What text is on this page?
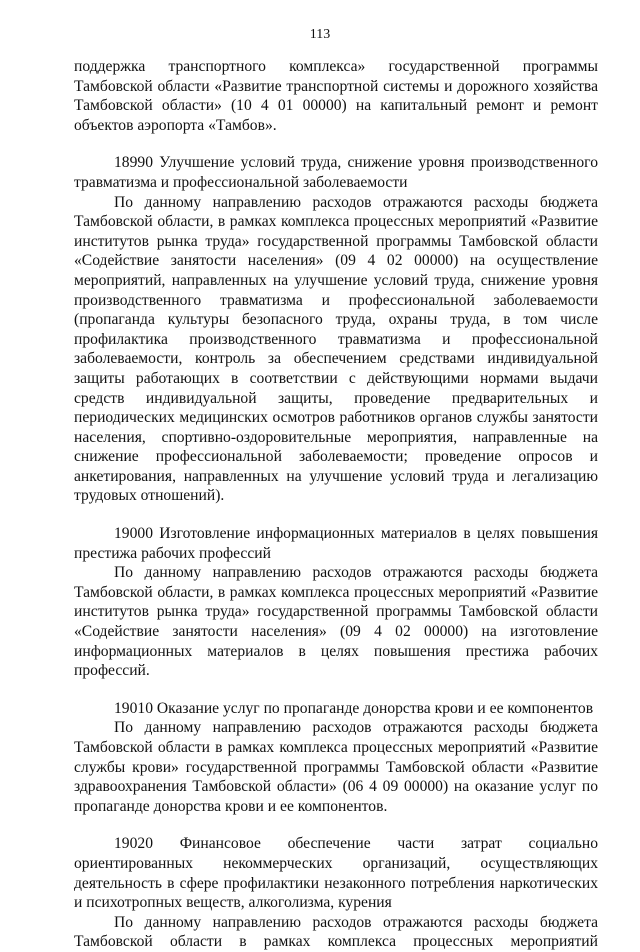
113

поддержка транспортного комплекса» государственной программы Тамбовской области «Развитие транспортной системы и дорожного хозяйства Тамбовской области» (10 4 01 00000) на капитальный ремонт и ремонт объектов аэропорта «Тамбов».

18990 Улучшение условий труда, снижение уровня производственного травматизма и профессиональной заболеваемости

По данному направлению расходов отражаются расходы бюджета Тамбовской области, в рамках комплекса процессных мероприятий «Развитие институтов рынка труда» государственной программы Тамбовской области «Содействие занятости населения» (09 4 02 00000) на осуществление мероприятий, направленных на улучшение условий труда, снижение уровня производственного травматизма и профессиональной заболеваемости (пропаганда культуры безопасного труда, охраны труда, в том числе профилактика производственного травматизма и профессиональной заболеваемости, контроль за обеспечением средствами индивидуальной защиты работающих в соответствии с действующими нормами выдачи средств индивидуальной защиты, проведение предварительных и периодических медицинских осмотров работников органов службы занятости населения, спортивно-оздоровительные мероприятия, направленные на снижение профессиональной заболеваемости; проведение опросов и анкетирования, направленных на улучшение условий труда и легализацию трудовых отношений).

19000 Изготовление информационных материалов в целях повышения престижа рабочих профессий

По данному направлению расходов отражаются расходы бюджета Тамбовской области, в рамках комплекса процессных мероприятий «Развитие институтов рынка труда» государственной программы Тамбовской области «Содействие занятости населения» (09 4 02 00000) на изготовление информационных материалов в целях повышения престижа рабочих профессий.

19010 Оказание услуг по пропаганде донорства крови и ее компонентов

По данному направлению расходов отражаются расходы бюджета Тамбовской области в рамках комплекса процессных мероприятий «Развитие службы крови» государственной программы Тамбовской области «Развитие здравоохранения Тамбовской области» (06 4 09 00000) на оказание услуг по пропаганде донорства крови и ее компонентов.

19020 Финансовое обеспечение части затрат социально ориентированных некоммерческих организаций, осуществляющих деятельность в сфере профилактики незаконного потребления наркотических и психотропных веществ, алкоголизма, курения

По данному направлению расходов отражаются расходы бюджета Тамбовской области в рамках комплекса процессных мероприятий
